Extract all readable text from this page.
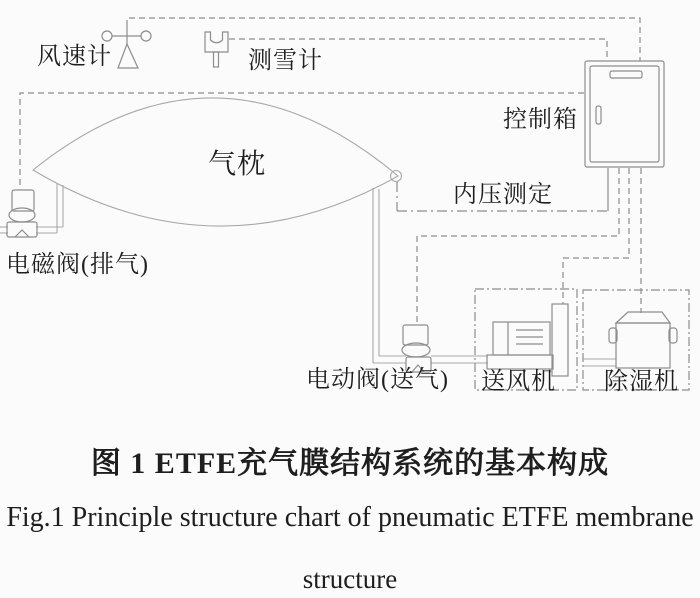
风速计	测雪计
控制箱
气枕
内压测定
电磁阀(排气)
电动阀(送气) 送风机 除湿机
图 1 ETFE充气膜结构系统的基本构成
Fig.1 Principle structure chart of pneumatic ETFE membrane
structure
